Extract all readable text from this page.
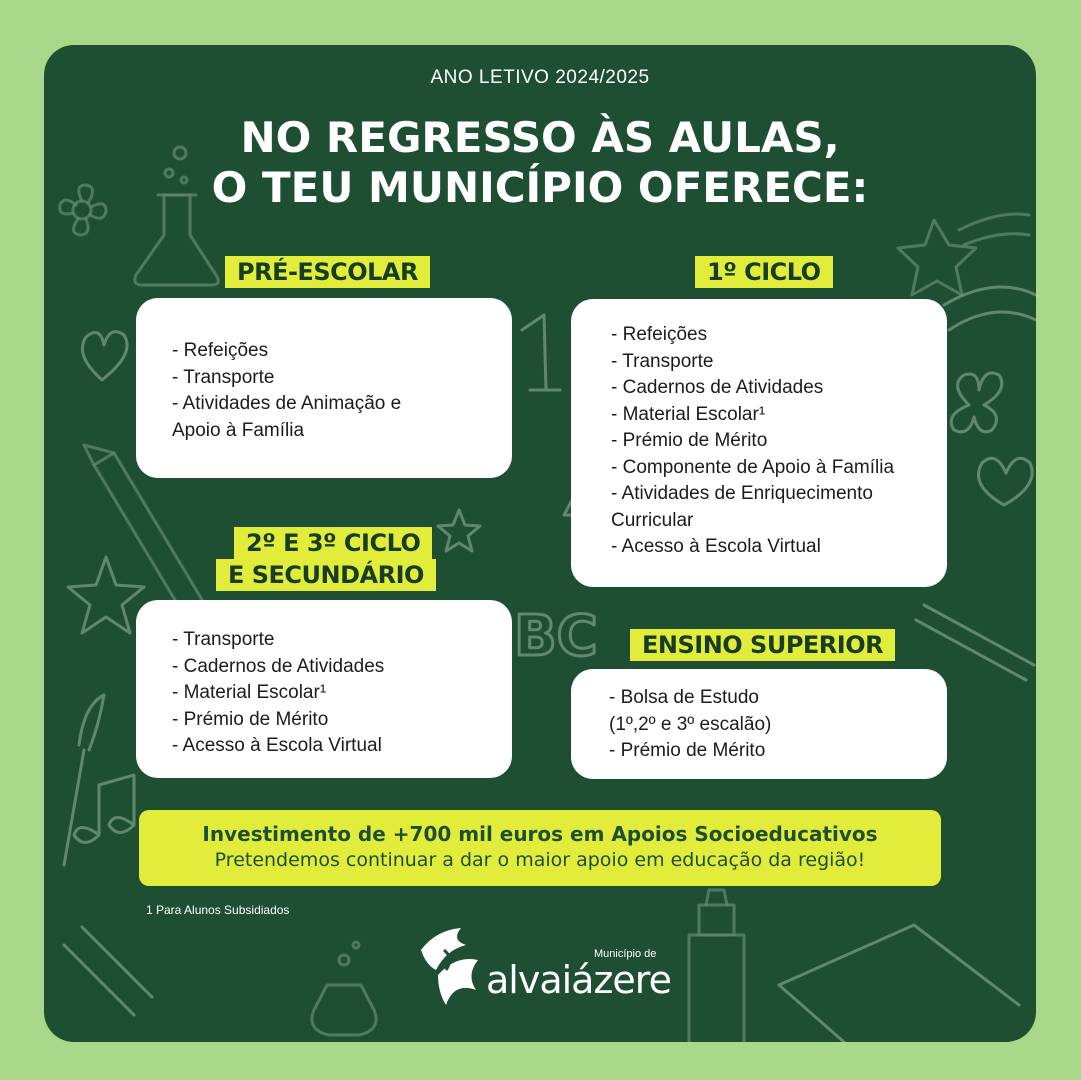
BC
ANO LETIVO 2024/2025
NO REGRESSO ÀS AULAS,
O TEU MUNICÍPIO OFERECE:
PRÉ-ESCOLAR
- Refeições
- Transporte
- Atividades de Animação e
Apoio à Família
1º CICLO
- Refeições
- Transporte
- Cadernos de Atividades
- Material Escolar¹
- Prémio de Mérito
- Componente de Apoio à Família
- Atividades de Enriquecimento
Curricular
- Acesso à Escola Virtual
2º E 3º CICLO
E SECUNDÁRIO
- Transporte
- Cadernos de Atividades
- Material Escolar¹
- Prémio de Mérito
- Acesso à Escola Virtual
ENSINO SUPERIOR
- Bolsa de Estudo
(1º,2º e 3º escalão)
- Prémio de Mérito
Investimento de +700 mil euros em Apoios Socioeducativos
Pretendemos continuar a dar o maior apoio em educação da região!
1 Para Alunos Subsidiados
Município de
alvaiázere
